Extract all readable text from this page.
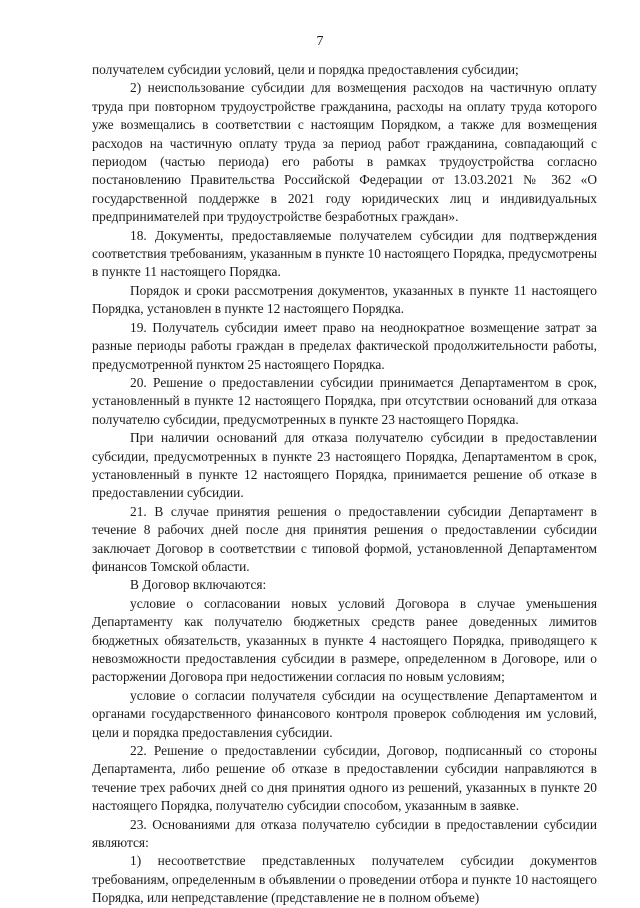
7

получателем субсидии условий, цели и порядка предоставления субсидии;

2) неиспользование субсидии для возмещения расходов на частичную оплату труда при повторном трудоустройстве гражданина, расходы на оплату труда которого уже возмещались в соответствии с настоящим Порядком, а также для возмещения расходов на частичную оплату труда за период работ гражданина, совпадающий с периодом (частью периода) его работы в рамках трудоустройства согласно постановлению Правительства Российской Федерации от 13.03.2021 № 362 «О государственной поддержке в 2021 году юридических лиц и индивидуальных предпринимателей при трудоустройстве безработных граждан».

18. Документы, предоставляемые получателем субсидии для подтверждения соответствия требованиям, указанным в пункте 10 настоящего Порядка, предусмотрены в пункте 11 настоящего Порядка.

Порядок и сроки рассмотрения документов, указанных в пункте 11 настоящего Порядка, установлен в пункте 12 настоящего Порядка.

19. Получатель субсидии имеет право на неоднократное возмещение затрат за разные периоды работы граждан в пределах фактической продолжительности работы, предусмотренной пунктом 25 настоящего Порядка.

20. Решение о предоставлении субсидии принимается Департаментом в срок, установленный в пункте 12 настоящего Порядка, при отсутствии оснований для отказа получателю субсидии, предусмотренных в пункте 23 настоящего Порядка.

При наличии оснований для отказа получателю субсидии в предоставлении субсидии, предусмотренных в пункте 23 настоящего Порядка, Департаментом в срок, установленный в пункте 12 настоящего Порядка, принимается решение об отказе в предоставлении субсидии.

21. В случае принятия решения о предоставлении субсидии Департамент в течение 8 рабочих дней после дня принятия решения о предоставлении субсидии заключает Договор в соответствии с типовой формой, установленной Департаментом финансов Томской области.

В Договор включаются:

условие о согласовании новых условий Договора в случае уменьшения Департаменту как получателю бюджетных средств ранее доведенных лимитов бюджетных обязательств, указанных в пункте 4 настоящего Порядка, приводящего к невозможности предоставления субсидии в размере, определенном в Договоре, или о расторжении Договора при недостижении согласия по новым условиям;

условие о согласии получателя субсидии на осуществление Департаментом и органами государственного финансового контроля проверок соблюдения им условий, цели и порядка предоставления субсидии.

22. Решение о предоставлении субсидии, Договор, подписанный со стороны Департамента, либо решение об отказе в предоставлении субсидии направляются в течение трех рабочих дней со дня принятия одного из решений, указанных в пункте 20 настоящего Порядка, получателю субсидии способом, указанным в заявке.

23. Основаниями для отказа получателю субсидии в предоставлении субсидии являются:

1) несоответствие представленных получателем субсидии документов требованиям, определенным в объявлении о проведении отбора и пункте 10 настоящего Порядка, или непредставление (представление не в полном объеме)
